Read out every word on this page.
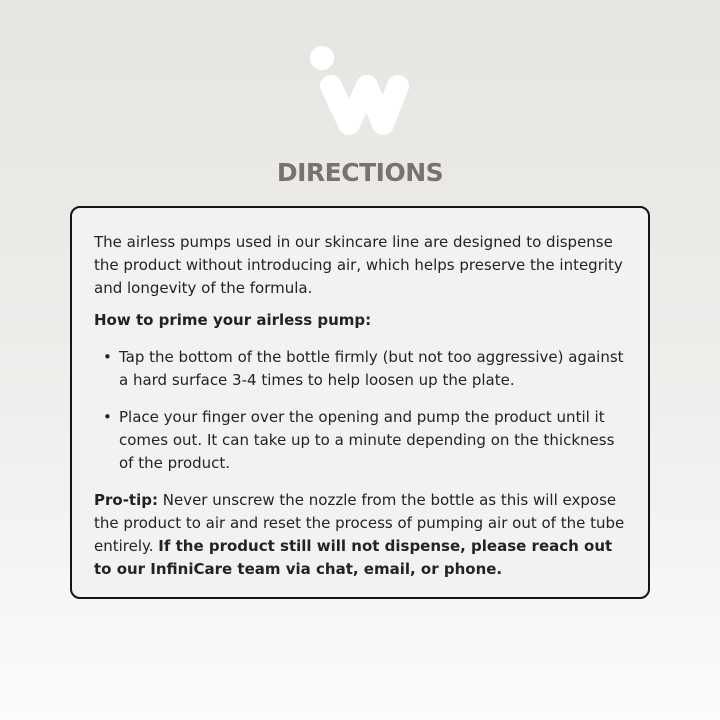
DIRECTIONS

The airless pumps used in our skincare line are designed to dispense the product without introducing air, which helps preserve the integrity and longevity of the formula.

How to prime your airless pump:

• Tap the bottom of the bottle firmly (but not too aggressive) against a hard surface 3-4 times to help loosen up the plate.
• Place your finger over the opening and pump the product until it comes out. It can take up to a minute depending on the thickness of the product.

Pro-tip: Never unscrew the nozzle from the bottle as this will expose the product to air and reset the process of pumping air out of the tube entirely. If the product still will not dispense, please reach out to our InfiniCare team via chat, email, or phone.
